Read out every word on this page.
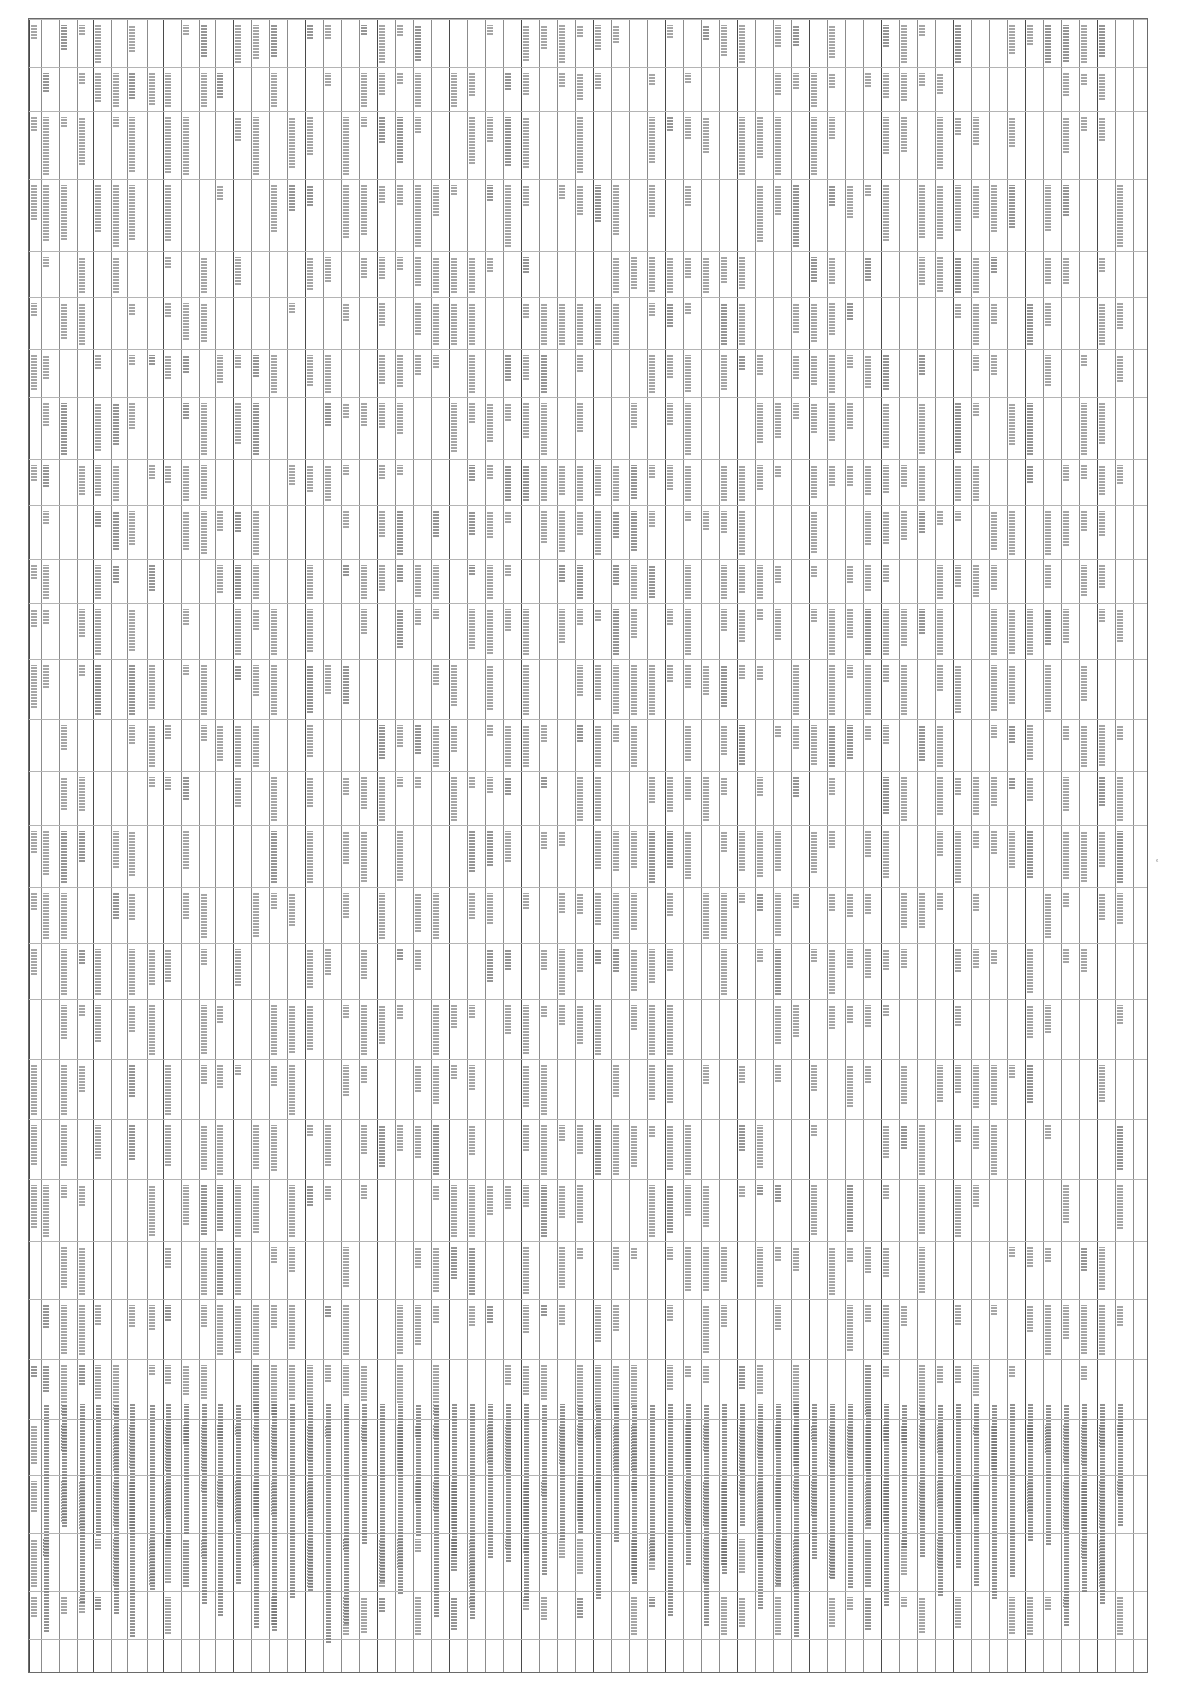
ᵋ
